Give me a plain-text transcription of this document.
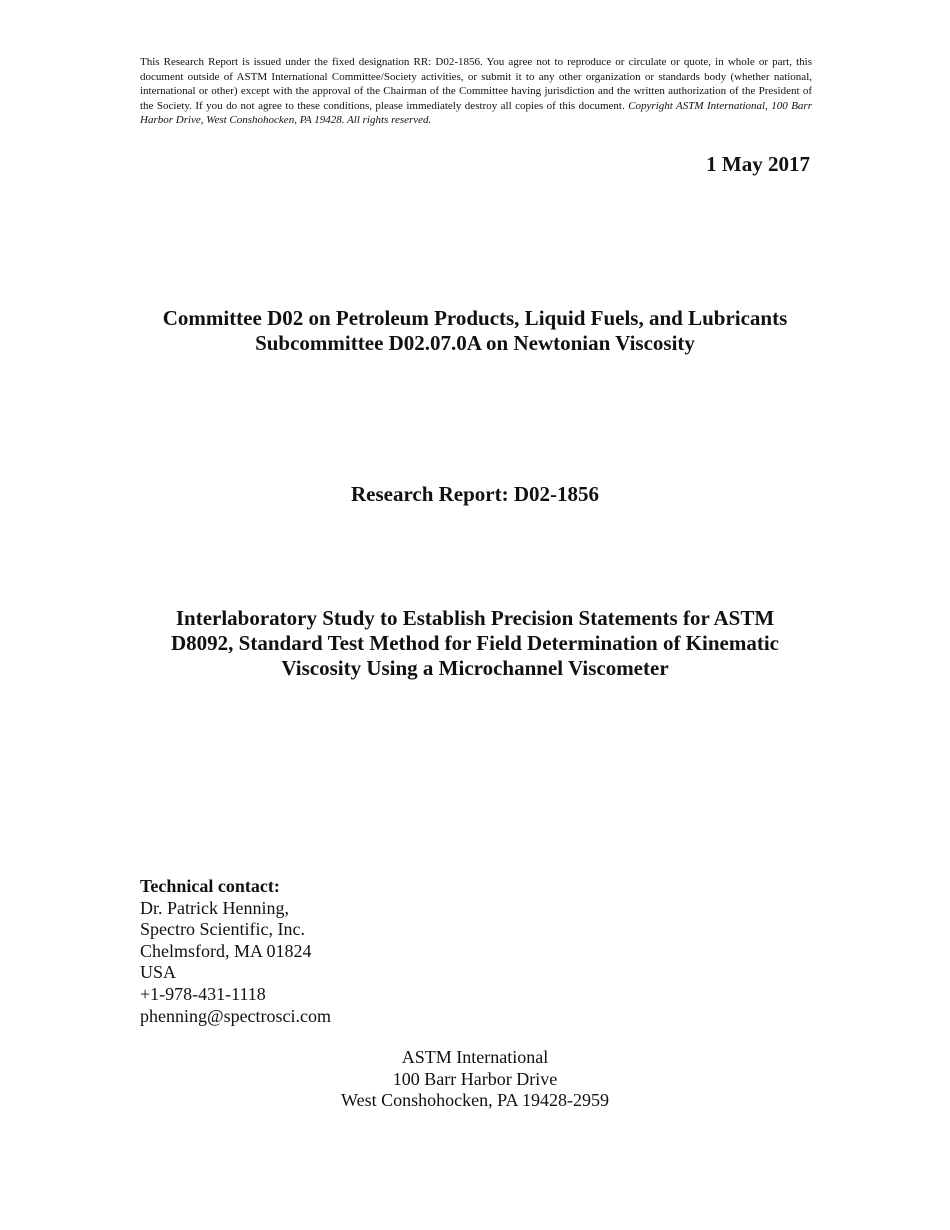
This Research Report is issued under the fixed designation RR: D02-1856. You agree not to reproduce or circulate or quote, in whole or part, this document outside of ASTM International Committee/Society activities, or submit it to any other organization or standards body (whether national, international or other) except with the approval of the Chairman of the Committee having jurisdiction and the written authorization of the President of the Society. If you do not agree to these conditions, please immediately destroy all copies of this document. Copyright ASTM International, 100 Barr Harbor Drive, West Conshohocken, PA 19428. All rights reserved.
1 May 2017
Committee D02 on Petroleum Products, Liquid Fuels, and Lubricants
Subcommittee D02.07.0A on Newtonian Viscosity
Research Report: D02-1856
Interlaboratory Study to Establish Precision Statements for ASTM D8092, Standard Test Method for Field Determination of Kinematic Viscosity Using a Microchannel Viscometer
Technical contact:
Dr. Patrick Henning,
Spectro Scientific, Inc.
Chelmsford, MA 01824
USA
+1-978-431-1118
phenning@spectrosci.com
ASTM International
100 Barr Harbor Drive
West Conshohocken, PA 19428-2959
